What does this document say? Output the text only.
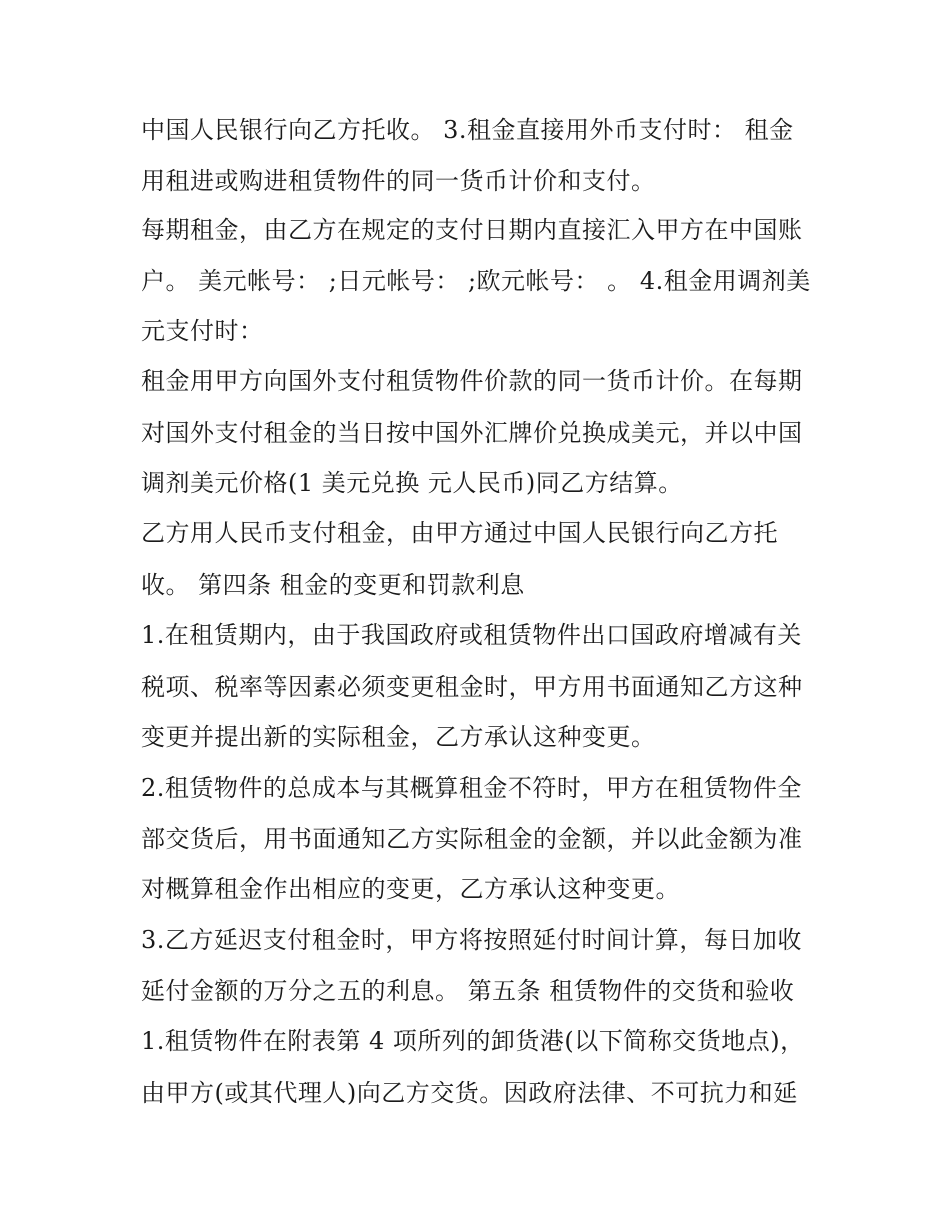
中国人民银行向乙方托收。 3.租金直接用外币支付时： 租金
用租进或购进租赁物件的同一货币计价和支付。
每期租金，由乙方在规定的支付日期内直接汇入甲方在中国账
户。 美元帐号： ;日元帐号： ;欧元帐号： 。 4.租金用调剂美
元支付时：
租金用甲方向国外支付租赁物件价款的同一货币计价。在每期
对国外支付租金的当日按中国外汇牌价兑换成美元，并以中国
调剂美元价格(1 美元兑换 元人民币)同乙方结算。
乙方用人民币支付租金，由甲方通过中国人民银行向乙方托
收。 第四条 租金的变更和罚款利息
1.在租赁期内，由于我国政府或租赁物件出口国政府增减有关
税项、税率等因素必须变更租金时，甲方用书面通知乙方这种
变更并提出新的实际租金，乙方承认这种变更。
2.租赁物件的总成本与其概算租金不符时，甲方在租赁物件全
部交货后，用书面通知乙方实际租金的金额，并以此金额为准
对概算租金作出相应的变更，乙方承认这种变更。
3.乙方延迟支付租金时，甲方将按照延付时间计算，每日加收
延付金额的万分之五的利息。 第五条 租赁物件的交货和验收
1.租赁物件在附表第 4 项所列的卸货港(以下简称交货地点)，
由甲方(或其代理人)向乙方交货。因政府法律、不可抗力和延
